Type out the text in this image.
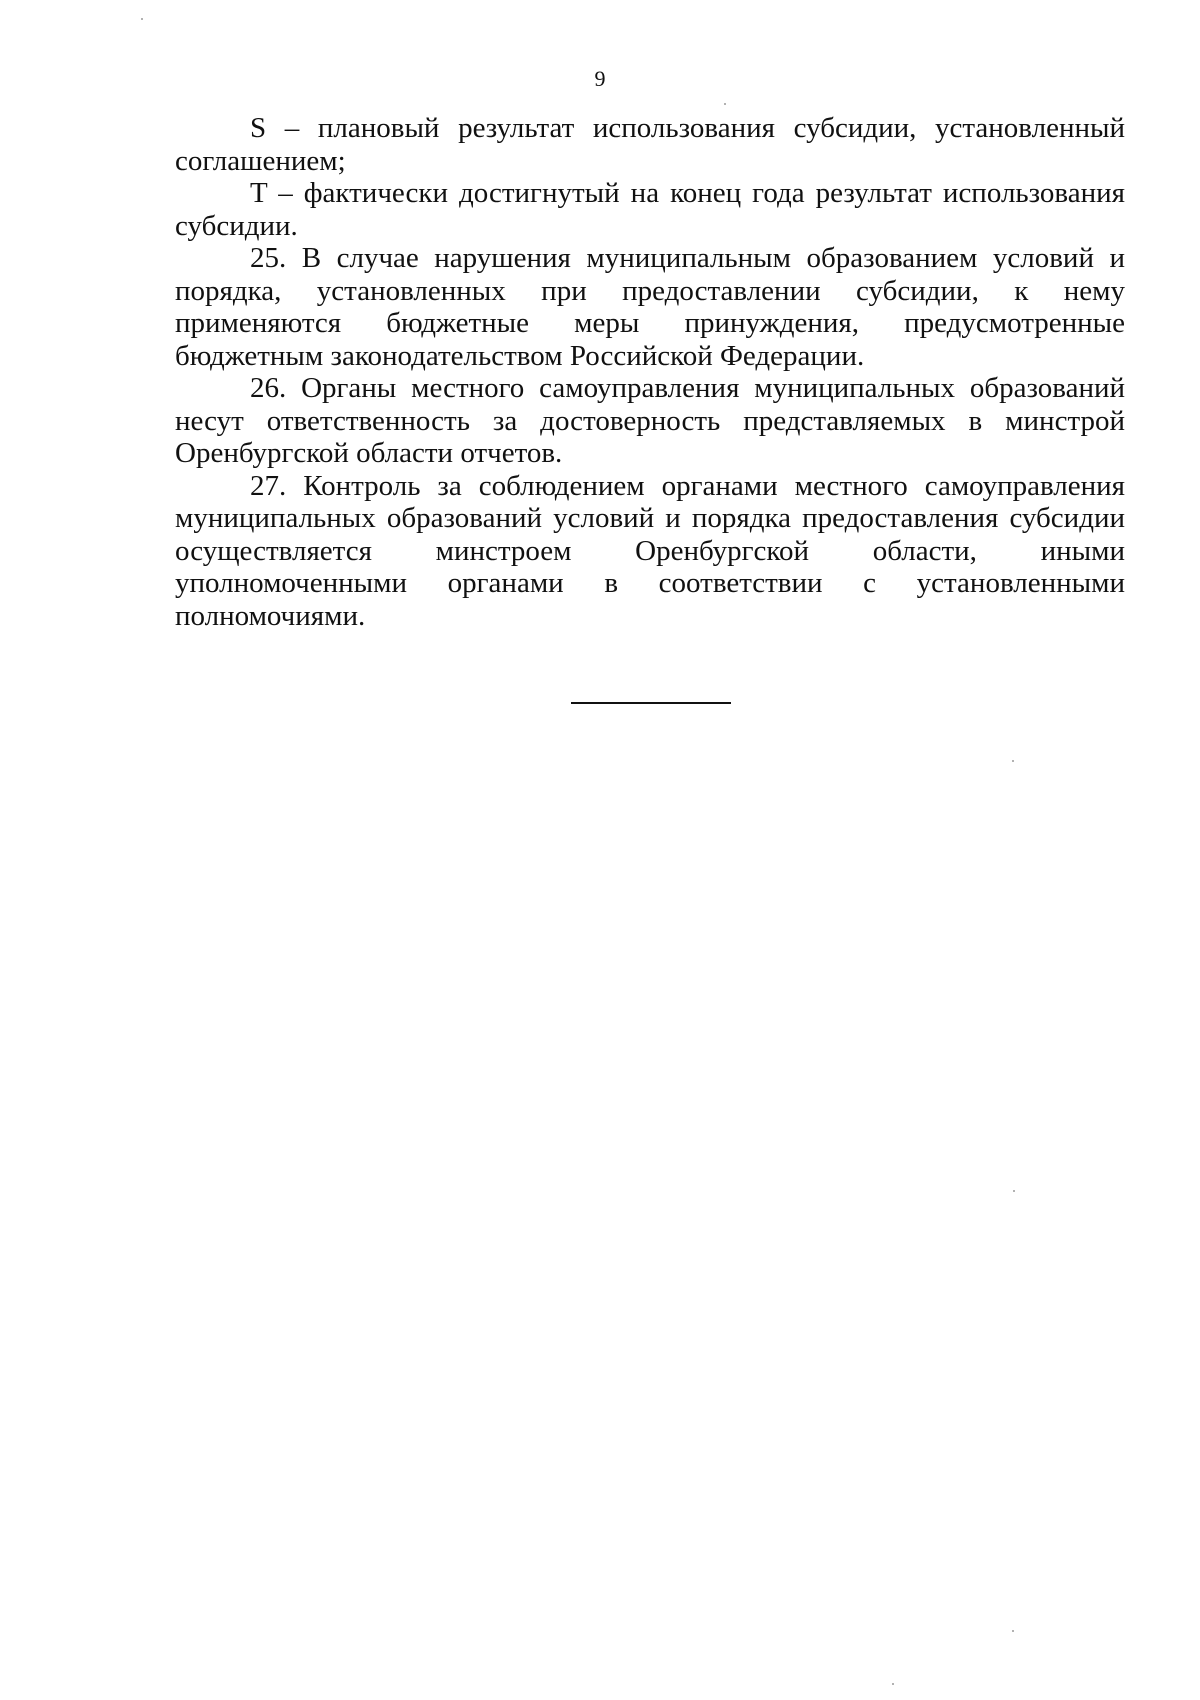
9

S – плановый результат использования субсидии, установленный соглашением;

T – фактически достигнутый на конец года результат использования субсидии.

25. В случае нарушения муниципальным образованием условий и порядка, установленных при предоставлении субсидии, к нему применяются бюджетные меры принуждения, предусмотренные бюджетным законодательством Российской Федерации.

26. Органы местного самоуправления муниципальных образований несут ответственность за достоверность представляемых в минстрой Оренбургской области отчетов.

27. Контроль за соблюдением органами местного самоуправления муниципальных образований условий и порядка предоставления субсидии осуществляется минстроем Оренбургской области, иными уполномоченными органами в соответствии с установленными полномочиями.
